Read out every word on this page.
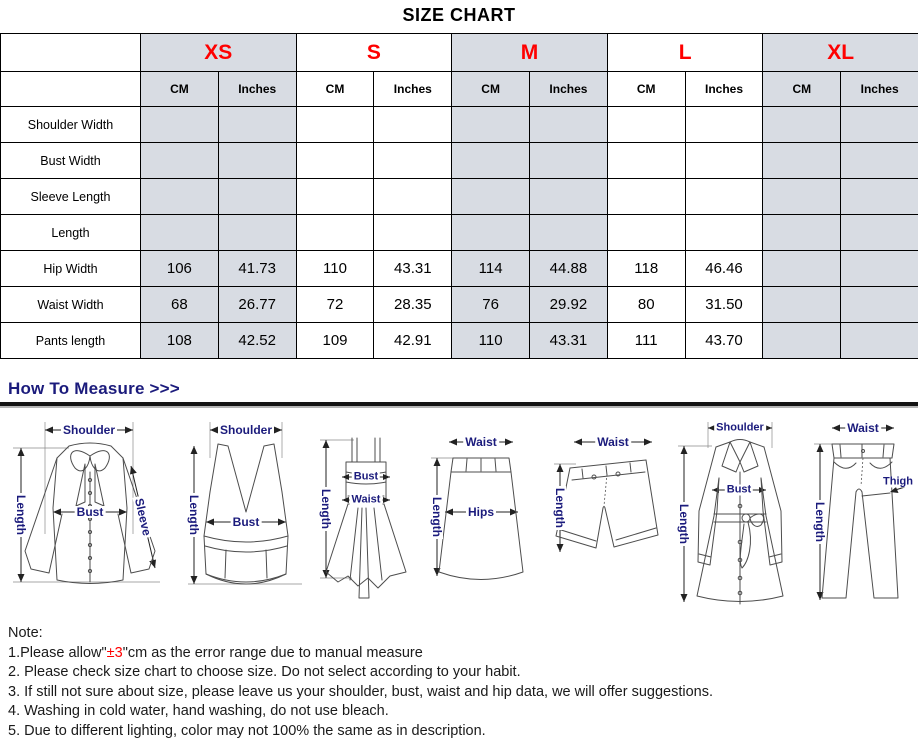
SIZE CHART
	XS		S		M		L		XL	
	CM	Inches	CM	Inches	CM	Inches	CM	Inches	CM	Inches
Shoulder Width										
Bust Width										
Sleeve Length										
Length										
Hip Width	106	41.73	110	43.31	114	44.88	118	46.46		
Waist Width	68	26.77	72	28.35	76	29.92	80	31.50		
Pants length	108	42.52	109	42.91	110	43.31	111	43.70		
How To Measure >>>
Shoulder
Length	Bust Sleeve
Shoulder
Length	Bust	Length
Bust
Waist
Waist
Length Hips
Waist
Length
Shoulder
Length
Bust
Waist
Length
Thigh
Note:
1.Please allow"±3"cm as the error range due to manual measure
2. Please check size chart to choose size. Do not select according to your habit.
3. If still not sure about size, please leave us your shoulder, bust, waist and hip data, we will offer suggestions.
4. Washing in cold water, hand washing, do not use bleach.
5. Due to different lighting, color may not 100% the same as in description.
